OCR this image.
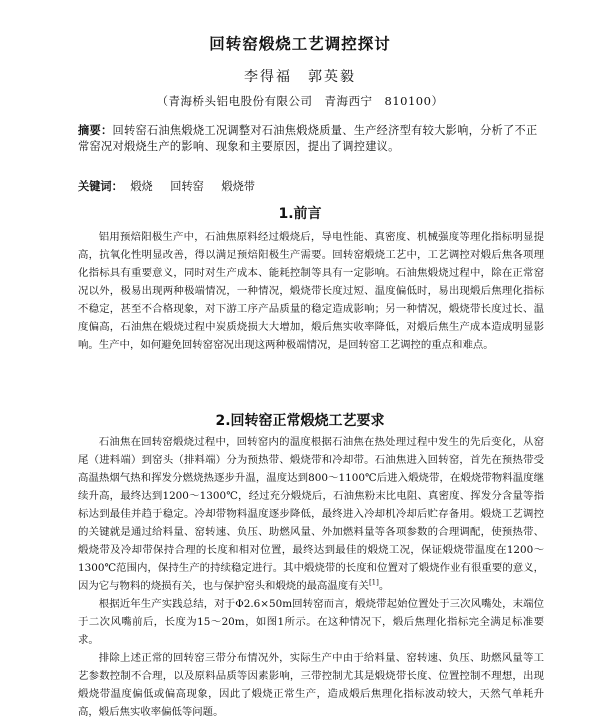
回转窑煅烧工艺调控探讨
李得福　郭英毅
（青海桥头铝电股份有限公司　青海西宁　810100）
摘要：回转窑石油焦煅烧工况调整对石油焦煅烧质量、生产经济型有较大影响，分析了不正常窑况对煅烧生产的影响、现象和主要原因，提出了调控建议。
关键词： 煅烧 回转窑 煅烧带
1.前言

铝用预焙阳极生产中，石油焦原料经过煅烧后，导电性能、真密度、机械强度等理化指标明显提高，抗氧化性明显改善，得以满足预焙阳极生产需要。回转窑煅烧工艺中，工艺调控对煅后焦各项理化指标具有重要意义，同时对生产成本、能耗控制等具有一定影响。石油焦煅烧过程中，除在正常窑况以外，极易出现两种极端情况，一种情况，煅烧带长度过短、温度偏低时，易出现煅后焦理化指标不稳定，甚至不合格现象，对下游工序产品质量的稳定造成影响；另一种情况，煅烧带长度过长、温度偏高，石油焦在煅烧过程中炭质烧损大大增加，煅后焦实收率降低，对煅后焦生产成本造成明显影响。生产中，如何避免回转窑窑况出现这两种极端情况，是回转窑工艺调控的重点和难点。

2.回转窑正常煅烧工艺要求

石油焦在回转窑煅烧过程中，回转窑内的温度根据石油焦在热处理过程中发生的先后变化，从窑尾（进料端）到窑头（排料端）分为预热带、煅烧带和冷却带。石油焦进入回转窑，首先在预热带受高温热烟气热和挥发分燃烧热逐步升温，温度达到800～1100℃后进入煅烧带，在煅烧带物料温度继续升高，最终达到1200～1300℃，经过充分煅烧后，石油焦粉末比电阻、真密度、挥发分含量等指标达到最佳并趋于稳定。冷却带物料温度逐步降低，最终进入冷却机冷却后贮存备用。煅烧工艺调控的关键就是通过给料量、窑转速、负压、助燃风量、外加燃料量等各项参数的合理调配，使预热带、煅烧带及冷却带保持合理的长度和相对位置，最终达到最佳的煅烧工况，保证煅烧带温度在1200～1300℃范围内，保持生产的持续稳定进行。其中煅烧带的长度和位置对了煅烧作业有很重要的意义，因为它与物料的烧损有关，也与保护窑头和煅烧的最高温度有关[1]。

根据近年生产实践总结，对于Φ2.6×50m回转窑而言，煅烧带起始位置处于三次风嘴处，末端位于二次风嘴前后，长度为15～20m，如图1所示。在这种情况下，煅后焦理化指标完全满足标准要求。

排除上述正常的回转窑三带分布情况外，实际生产中由于给料量、窑转速、负压、助燃风量等工艺参数控制不合理，以及原料品质等因素影响，三带控制尤其是煅烧带长度、位置控制不理想，出现煅烧带温度偏低或偏高现象，因此了煅烧正常生产，造成煅后焦理化指标波动较大，天然气单耗升高，煅后焦实收率偏低等问题。
